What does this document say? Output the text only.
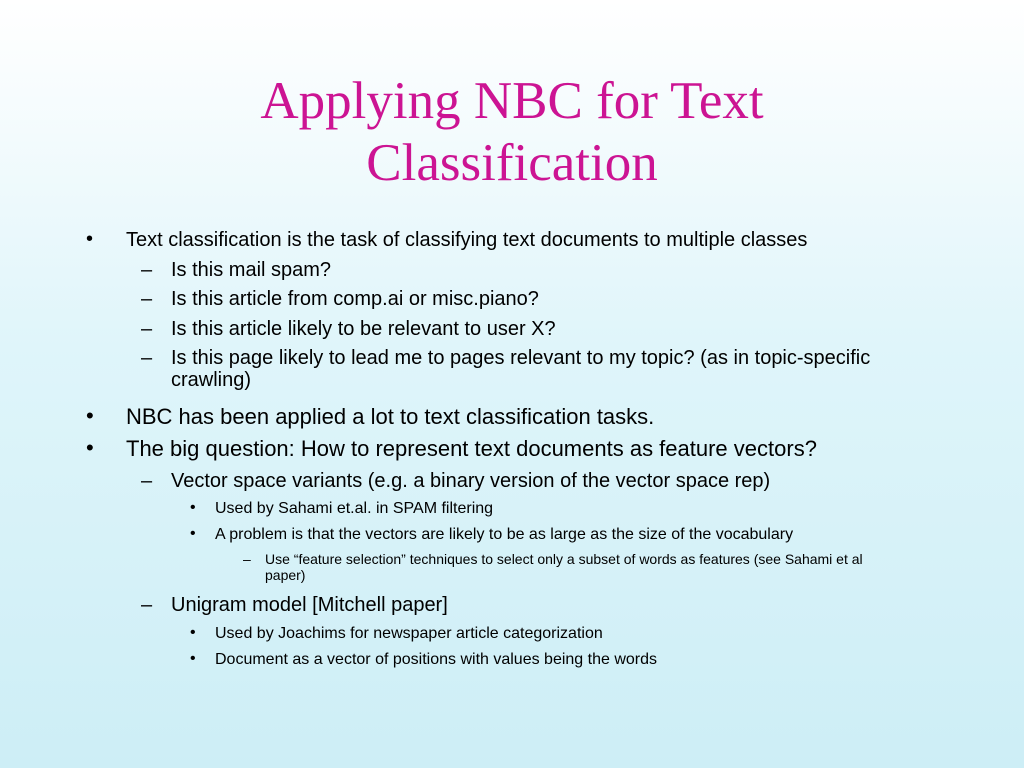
Applying NBC for Text Classification
• Text classification is the task of classifying text documents to multiple classes
– Is this mail spam?
– Is this article from comp.ai or misc.piano?
– Is this article likely to be relevant to user X?
– Is this page likely to lead me to pages relevant to my topic? (as in topic-specific crawling)
• NBC has been applied a lot to text classification tasks.
• The big question: How to represent text documents as feature vectors?
– Vector space variants (e.g. a binary version of the vector space rep)
• Used by Sahami et.al. in SPAM filtering
• A problem is that the vectors are likely to be as large as the size of the vocabulary
– Use “feature selection” techniques to select only a subset of words as features (see Sahami et al paper)
– Unigram model [Mitchell paper]
• Used by Joachims for newspaper article categorization
• Document as a vector of positions with values being the words
